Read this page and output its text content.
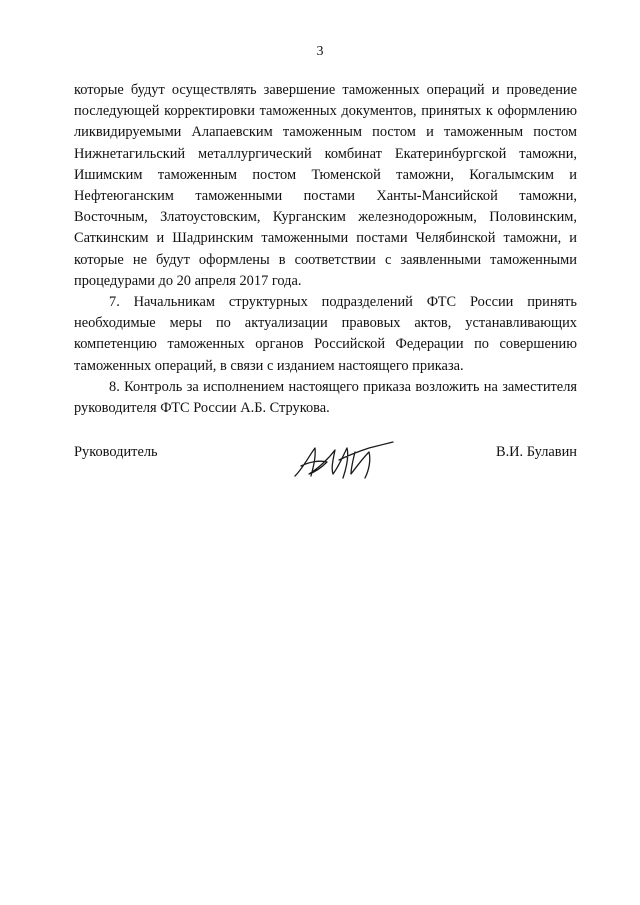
3

которые будут осуществлять завершение таможенных операций и проведение последующей корректировки таможенных документов, принятых к оформлению ликвидируемыми Алапаевским таможенным постом и таможенным постом Нижнетагильский металлургический комбинат Екатеринбургской таможни, Ишимским таможенным постом Тюменской таможни, Когалымским и Нефтеюганским таможенными постами Ханты-Мансийской таможни, Восточным, Златоустовским, Курганским железнодорожным, Половинским, Саткинским и Шадринским таможенными постами Челябинской таможни, и которые не будут оформлены в соответствии с заявленными таможенными процедурами до 20 апреля 2017 года.

7. Начальникам структурных подразделений ФТС России принять необходимые меры по актуализации правовых актов, устанавливающих компетенцию таможенных органов Российской Федерации по совершению таможенных операций, в связи с изданием настоящего приказа.

8. Контроль за исполнением настоящего приказа возложить на заместителя руководителя ФТС России А.Б. Струкова.

Руководитель	В.И. Булавин
